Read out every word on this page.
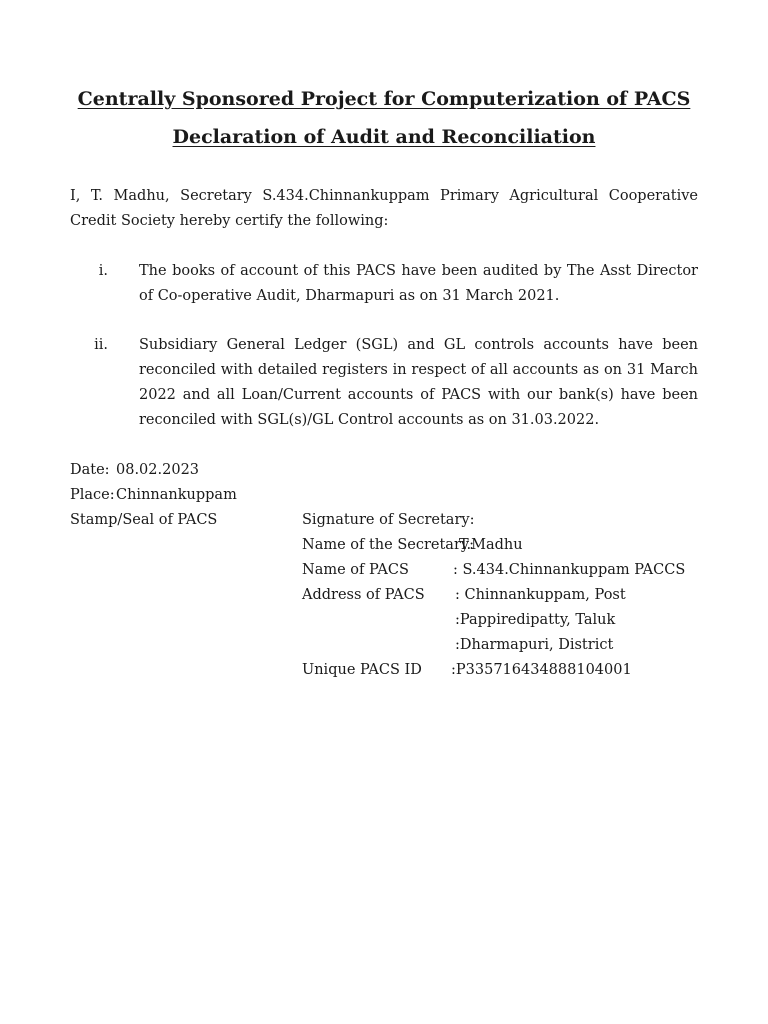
Centrally Sponsored Project for Computerization of PACS
Declaration of Audit and Reconciliation
I, T. Madhu, Secretary S.434.Chinnankuppam Primary Agricultural Cooperative Credit Society hereby certify the following:
i. The books of account of this PACS have been audited by The Asst Director of Co-operative Audit, Dharmapuri as on 31 March 2021.
ii. Subsidiary General Ledger (SGL) and GL controls accounts have been reconciled with detailed registers in respect of all accounts as on 31 March 2022 and all Loan/Current accounts of PACS with our bank(s) have been reconciled with SGL(s)/GL Control accounts as on 31.03.2022.
Date: 08.02.2023
Place: Chinnankuppam
Stamp/Seal of PACS	Signature of Secretary:
Name of the Secretary:
T.Madhu
Name of PACS	: S.434.Chinnankuppam PACCS
Address of PACS : Chinnankuppam, Post
:Pappiredipatty, Taluk
:Dharmapuri, District
Unique PACS ID :P335716434888104001
